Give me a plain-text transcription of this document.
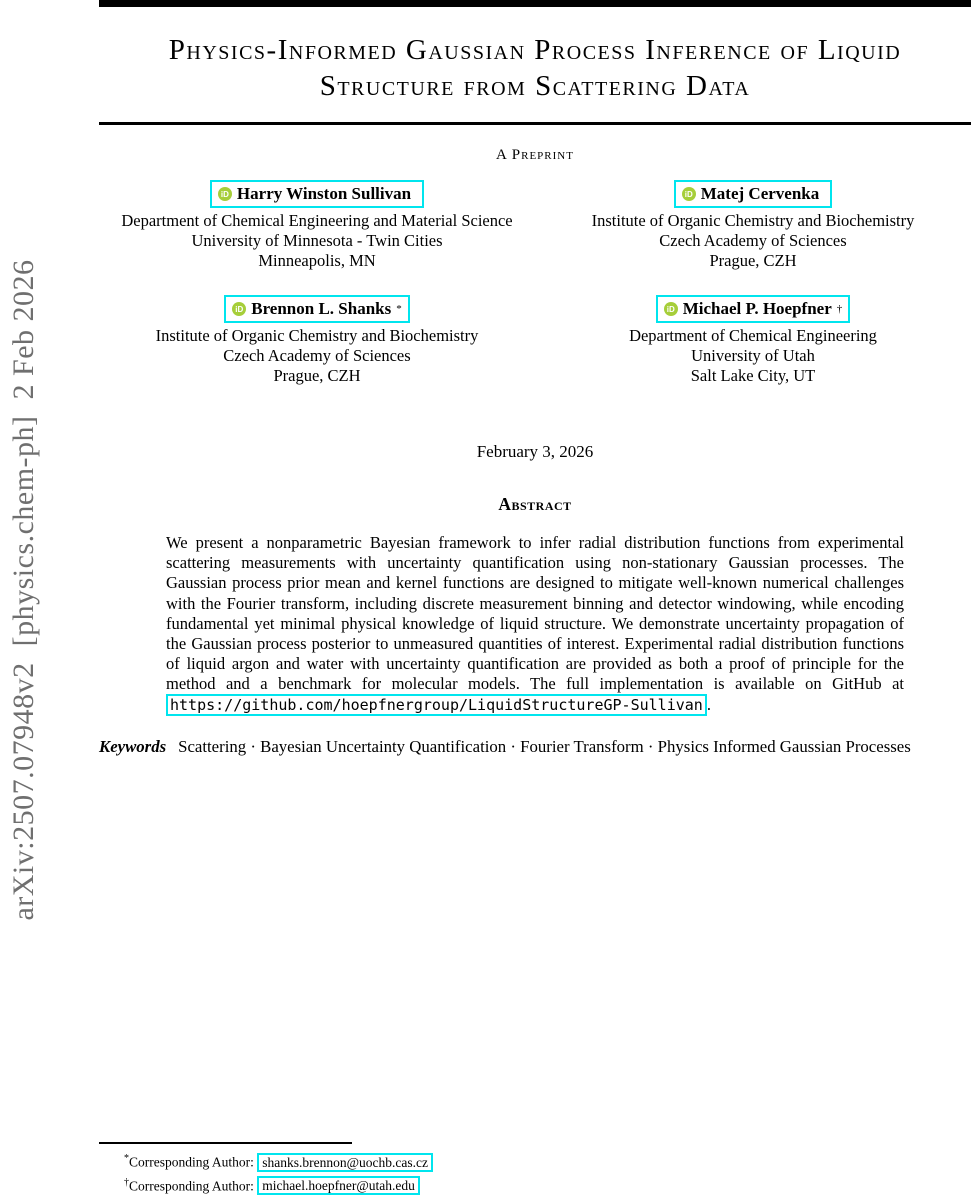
arXiv:2507.07948v2  [physics.chem-ph]  2 Feb 2026
Physics-Informed Gaussian Process Inference of Liquid
Structure from Scattering Data
A Preprint
iD Harry Winston Sullivan
Department of Chemical Engineering and Material Science
University of Minnesota - Twin Cities
Minneapolis, MN
iD Matej Cervenka
Institute of Organic Chemistry and Biochemistry
Czech Academy of Sciences
Prague, CZH
iD Brennon L. Shanks *
Institute of Organic Chemistry and Biochemistry
Czech Academy of Sciences
Prague, CZH
iD Michael P. Hoepfner †
Department of Chemical Engineering
University of Utah
Salt Lake City, UT
February 3, 2026
Abstract

We present a nonparametric Bayesian framework to infer radial distribution functions from experimental scattering measurements with uncertainty quantification using non-stationary Gaussian processes. The Gaussian process prior mean and kernel functions are designed to mitigate well-known numerical challenges with the Fourier transform, including discrete measurement binning and detector windowing, while encoding fundamental yet minimal physical knowledge of liquid structure. We demonstrate uncertainty propagation of the Gaussian process posterior to unmeasured quantities of interest. Experimental radial distribution functions of liquid argon and water with uncertainty quantification are provided as both a proof of principle for the method and a benchmark for molecular models. The full implementation is available on GitHub at https://github.com/hoepfnergroup/LiquidStructureGP-Sullivan .

Keywords Scattering · Bayesian Uncertainty Quantification · Fourier Transform · Physics Informed Gaussian Processes
*Corresponding Author: shanks.brennon@uochb.cas.cz
†Corresponding Author: michael.hoepfner@utah.edu
